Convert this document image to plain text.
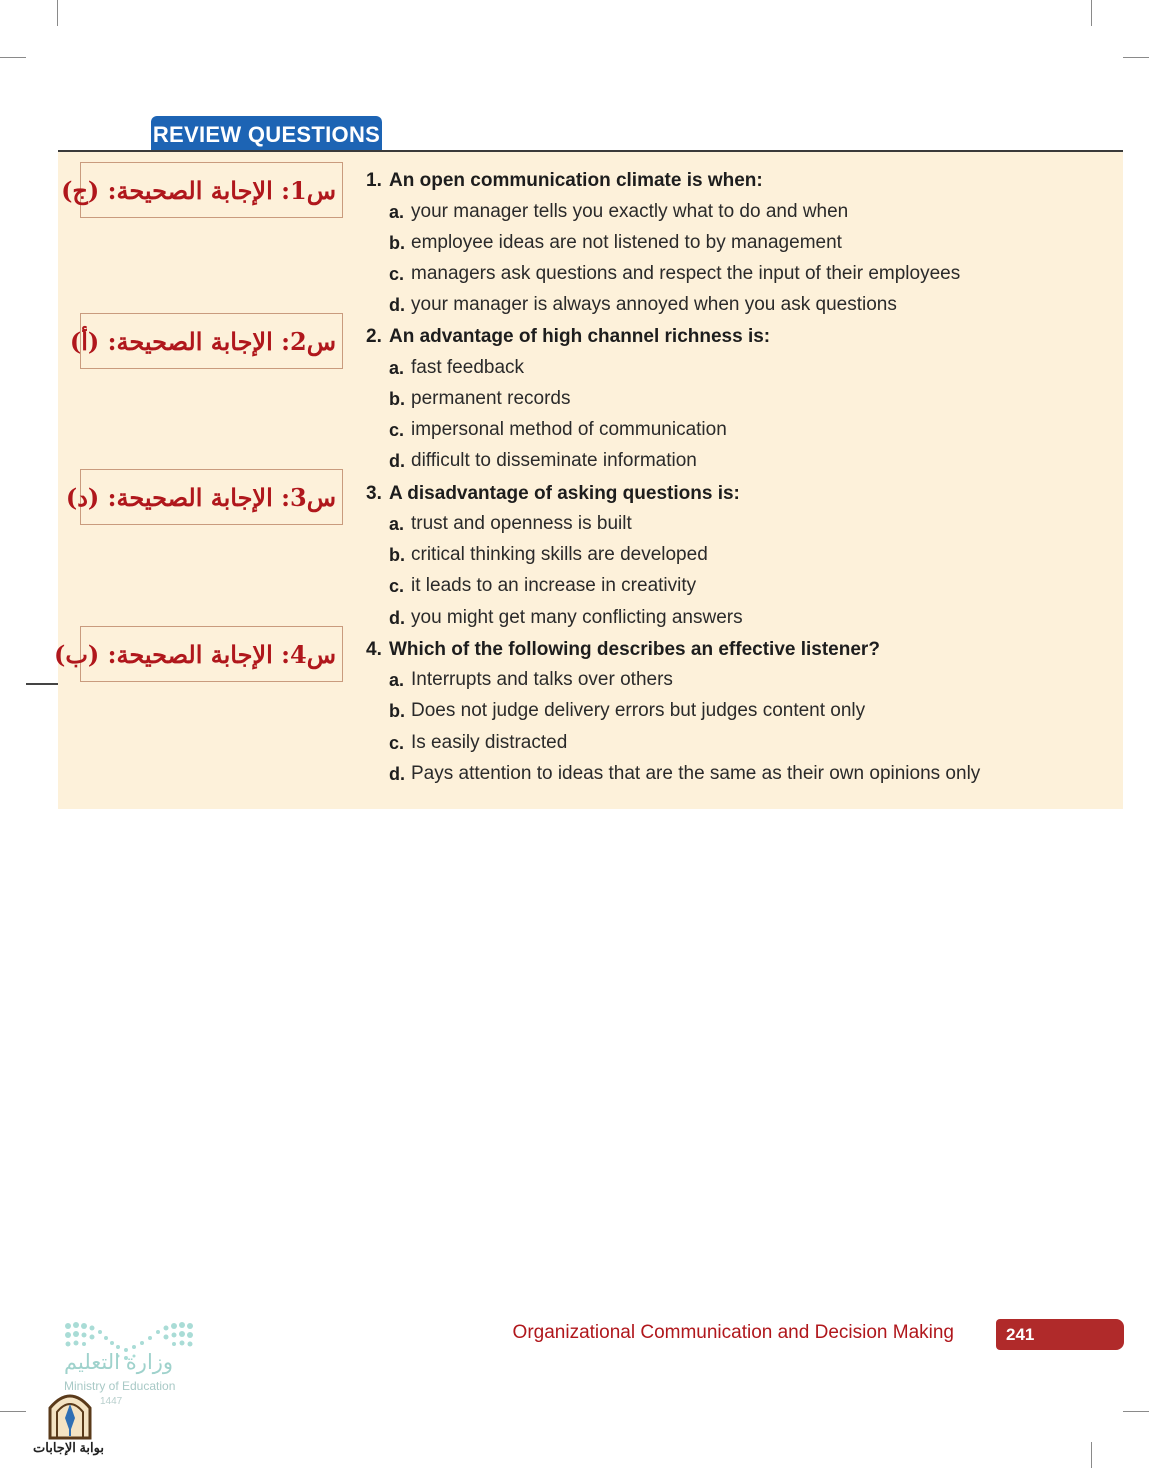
REVIEW QUESTIONS
س1: الإجابة الصحيحة: (ج)
س2: الإجابة الصحيحة: (أ)
س3: الإجابة الصحيحة: (د)
س4: الإجابة الصحيحة: (ب)
1. An open communication climate is when:
a. your manager tells you exactly what to do and when
b. employee ideas are not listened to by management
c. managers ask questions and respect the input of their employees
d. your manager is always annoyed when you ask questions
2. An advantage of high channel richness is:
a. fast feedback
b. permanent records
c. impersonal method of communication
d. difficult to disseminate information
3. A disadvantage of asking questions is:
a. trust and openness is built
b. critical thinking skills are developed
c. it leads to an increase in creativity
d. you might get many conflicting answers
4. Which of the following describes an effective listener?
a. Interrupts and talks over others
b. Does not judge delivery errors but judges content only
c. Is easily distracted
d. Pays attention to ideas that are the same as their own opinions only
Organizational Communication and Decision Making	241
وزارة التعليم
Ministry of Education
1447
بوابة الإجابات
